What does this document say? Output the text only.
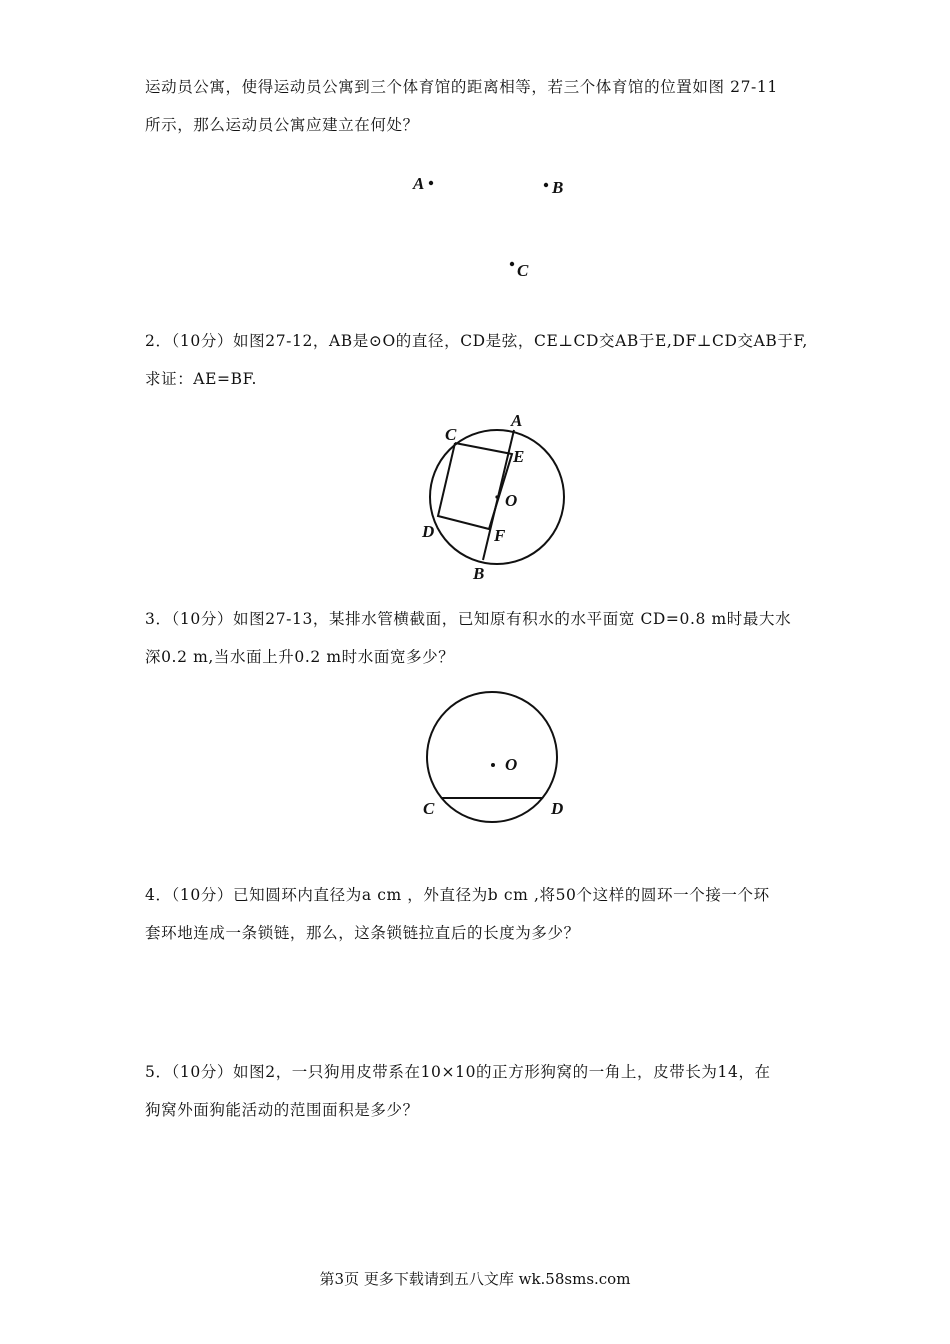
运动员公寓，使得运动员公寓到三个体育馆的距离相等，若三个体育馆的位置如图 27-11
所示，那么运动员公寓应建立在何处？
A	B
C
2．（10分）如图27-12，AB是⊙O的直径，CD是弦，CE⊥CD交AB于E,DF⊥CD交AB于F,
求证：AE=BF.
A
C
E
O
D	F
B
3．（10分）如图27-13，某排水管横截面，已知原有积水的水平面宽 CD=0.8 m时最大水
深0.2 m,当水面上升0.2 m时水面宽多少？
O
C	D
4．（10分）已知圆环内直径为a cm ，外直径为b cm ,将50个这样的圆环一个接一个环
套环地连成一条锁链，那么，这条锁链拉直后的长度为多少？
5．（10分）如图2，一只狗用皮带系在10×10的正方形狗窝的一角上，皮带长为14，在
狗窝外面狗能活动的范围面积是多少？
第3页 更多下载请到五八文库 wk.58sms.com
